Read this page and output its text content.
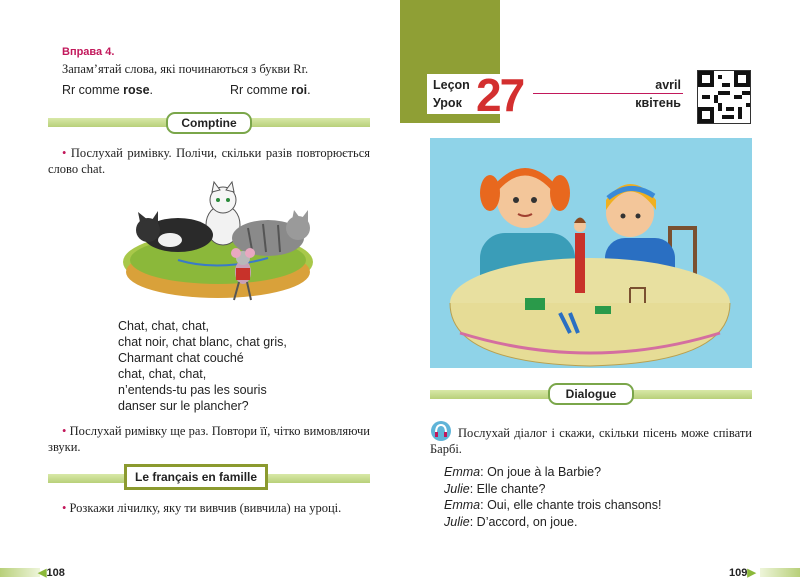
Вправа 4.
Запам’ятай слова, які починаються з букви Rr.
Rr comme rose.	Rr comme roi.
Comptine
• Послухай римівку. Полічи, скільки разів повторюється слово chat.
Chat, chat, chat,
chat noir, chat blanc, chat gris,
Charmant chat couché
chat, chat, chat,
n’entends-tu pas les souris
danser sur le plancher?
• Послухай римівку ще раз. Повтори її, чітко вимовляючи звуки.
Le français en famille
• Розкажи лічилку, яку ти вивчив (вивчила) на уроці.
◀108
Leçon
Урок
avril
квітень
27
Dialogue
Послухай діалог і скажи, скільки пісень може співати Барбі.
Emma: On joue à la Barbie?
Julie: Elle chante?
Emma: Oui, elle chante trois chansons!
Julie: D’accord, on joue.
109▶
